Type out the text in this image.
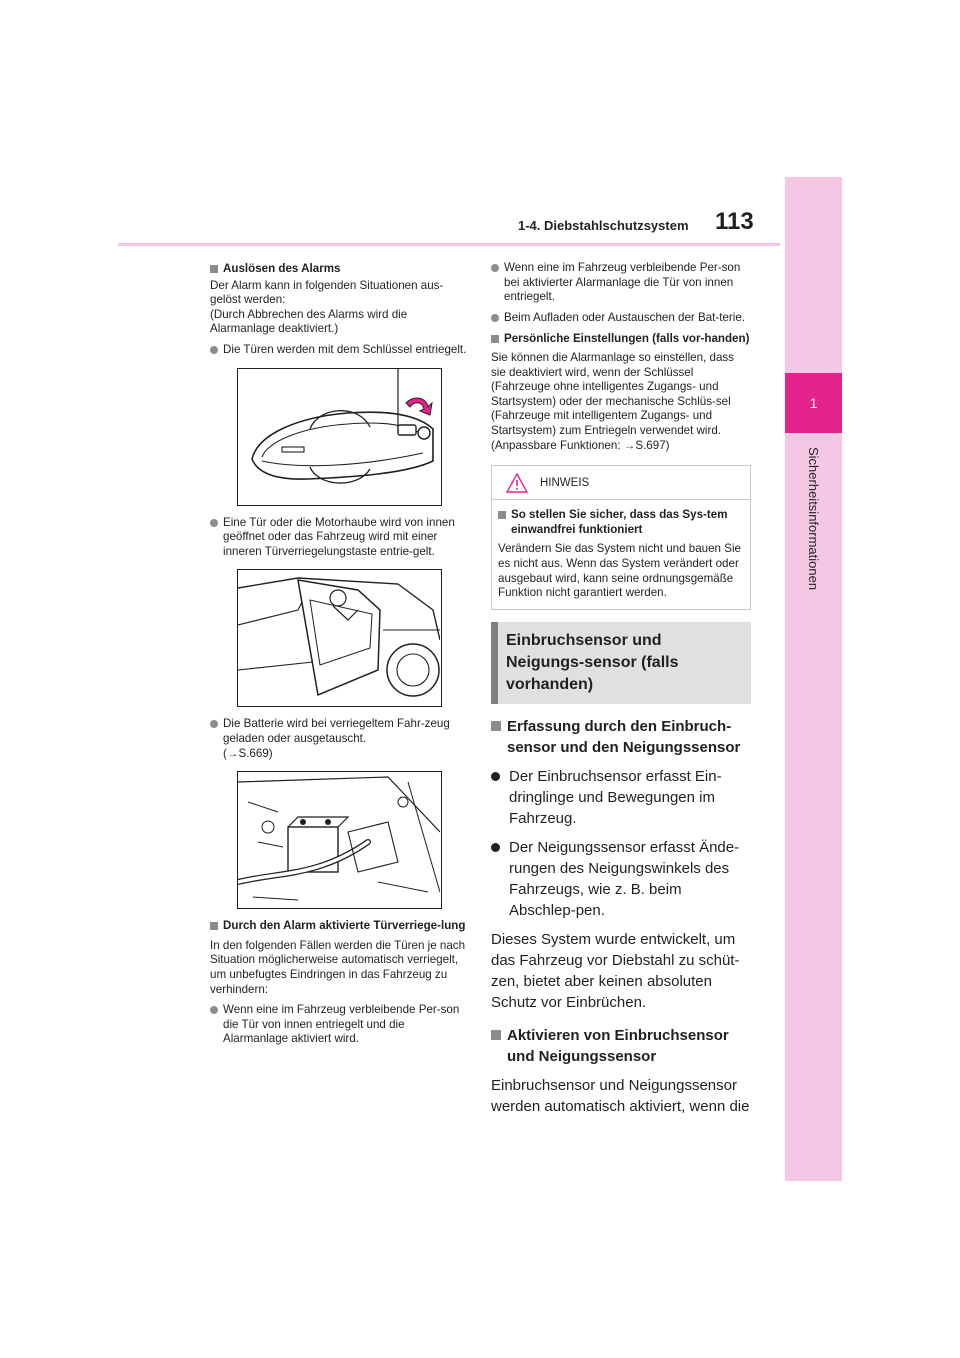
1
Sicherheitsinformationen
1-4. Diebstahlschutzsystem 113
Auslösen des Alarms
Der Alarm kann in folgenden Situationen aus-gelöst werden:
(Durch Abbrechen des Alarms wird die Alarmanlage deaktiviert.)
Die Türen werden mit dem Schlüssel entriegelt.
Eine Tür oder die Motorhaube wird von innen geöffnet oder das Fahrzeug wird mit einer inneren Türverriegelungstaste entrie-gelt.
Die Batterie wird bei verriegeltem Fahr-zeug geladen oder ausgetauscht.
(→S.669)
Durch den Alarm aktivierte Türverriege-lung
In den folgenden Fällen werden die Türen je nach Situation möglicherweise automatisch verriegelt, um unbefugtes Eindringen in das Fahrzeug zu verhindern:
Wenn eine im Fahrzeug verbleibende Per-son die Tür von innen entriegelt und die Alarmanlage aktiviert wird.
Wenn eine im Fahrzeug verbleibende Per-son bei aktivierter Alarmanlage die Tür von innen entriegelt.
Beim Aufladen oder Austauschen der Bat-terie.
Persönliche Einstellungen (falls vor-handen)
Sie können die Alarmanlage so einstellen, dass sie deaktiviert wird, wenn der Schlüssel (Fahrzeuge ohne intelligentes Zugangs- und Startsystem) oder der mechanische Schlüs-sel (Fahrzeuge mit intelligentem Zugangs- und Startsystem) zum Entriegeln verwendet wird.
(Anpassbare Funktionen: →S.697)
HINWEIS
So stellen Sie sicher, dass das Sys-tem einwandfrei funktioniert
Verändern Sie das System nicht und bauen Sie es nicht aus. Wenn das System verändert oder ausgebaut wird, kann seine ordnungsgemäße Funktion nicht garantiert werden.
Einbruchsensor und Neigungs-sensor (falls vorhanden)
Erfassung durch den Einbruch-sensor und den Neigungssensor
Der Einbruchsensor erfasst Ein-dringlinge und Bewegungen im Fahrzeug.
Der Neigungssensor erfasst Ände-rungen des Neigungswinkels des Fahrzeugs, wie z. B. beim Abschlep-pen.
Dieses System wurde entwickelt, um das Fahrzeug vor Diebstahl zu schüt-zen, bietet aber keinen absoluten Schutz vor Einbrüchen.
Aktivieren von Einbruchsensor und Neigungssensor
Einbruchsensor und Neigungssensor werden automatisch aktiviert, wenn die
